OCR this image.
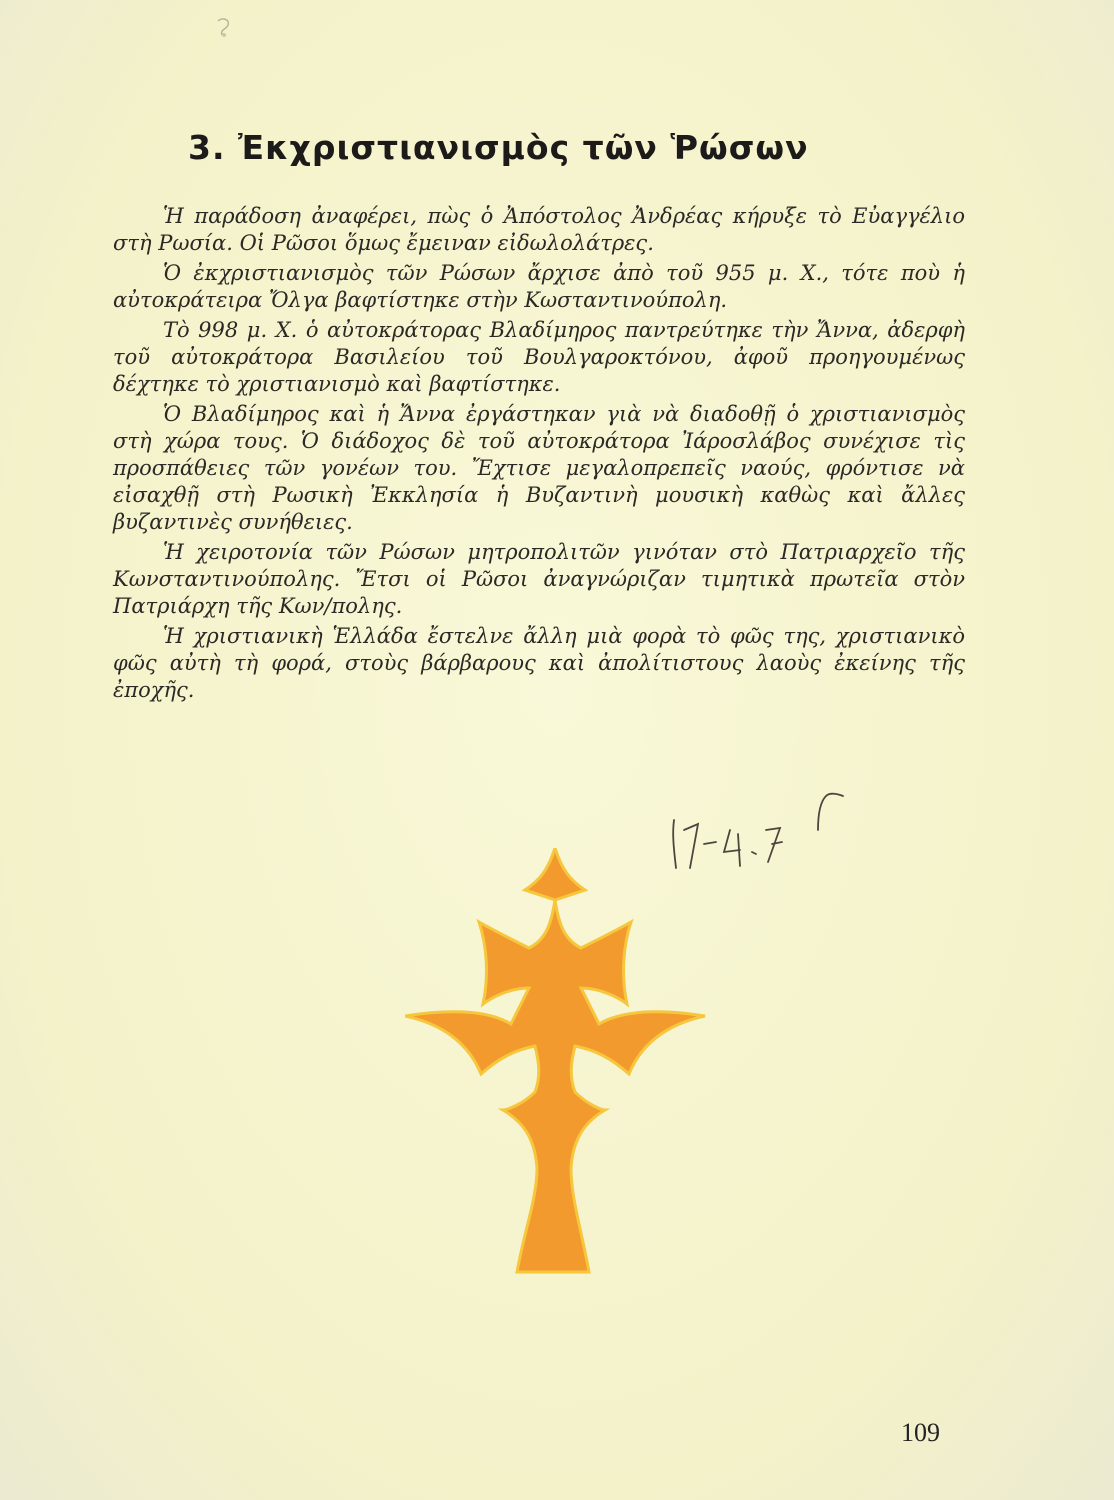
3. Ἐκχριστιανισμὸς τῶν Ῥώσων

Ἡ παράδοση ἀναφέρει, πὼς ὁ Ἀπόστολος Ἀνδρέας κήρυξε τὸ Εὐαγγέλιο στὴ Ρωσία. Οἱ Ρῶσοι ὅμως ἔμειναν εἰδωλολάτρες.

Ὁ ἐκχριστιανισμὸς τῶν Ρώσων ἄρχισε ἀπὸ τοῦ 955 μ. Χ., τότε ποὺ ἡ αὐτοκράτειρα Ὄλγα βαφτίστηκε στὴν Κωσταντινούπολη.

Τὸ 998 μ. Χ. ὁ αὐτοκράτορας Βλαδίμηρος παντρεύτηκε τὴν Ἄννα, ἀδερφὴ τοῦ αὐτοκράτορα Βασιλείου τοῦ Βουλγαροκτόνου, ἀφοῦ προηγουμένως δέχτηκε τὸ χριστιανισμὸ καὶ βαφτίστηκε.

Ὁ Βλαδίμηρος καὶ ἡ Ἄννα ἐργάστηκαν γιὰ νὰ διαδοθῇ ὁ χριστιανισμὸς στὴ χώρα τους. Ὁ διάδοχος δὲ τοῦ αὐτοκράτορα Ἰάροσλάβος συνέχισε τὶς προσπάθειες τῶν γονέων του. Ἔχτισε μεγαλοπρεπεῖς ναούς, φρόντισε νὰ εἰσαχθῇ στὴ Ρωσικὴ Ἐκκλησία ἡ Βυζαντινὴ μουσικὴ καθὼς καὶ ἄλλες βυζαντινὲς συνήθειες.

Ἡ χειροτονία τῶν Ρώσων μητροπολιτῶν γινόταν στὸ Πατριαρχεῖο τῆς Κωνσταντινούπολης. Ἔτσι οἱ Ρῶσοι ἀναγνώριζαν τιμητικὰ πρωτεῖα στὸν Πατριάρχη τῆς Κων/πολης.

Ἡ χριστιανικὴ Ἑλλάδα ἔστελνε ἄλλη μιὰ φορὰ τὸ φῶς της, χριστιανικὸ φῶς αὐτὴ τὴ φορά, στοὺς βάρβαρους καὶ ἀπολίτιστους λαοὺς ἐκείνης τῆς ἐποχῆς.

109
